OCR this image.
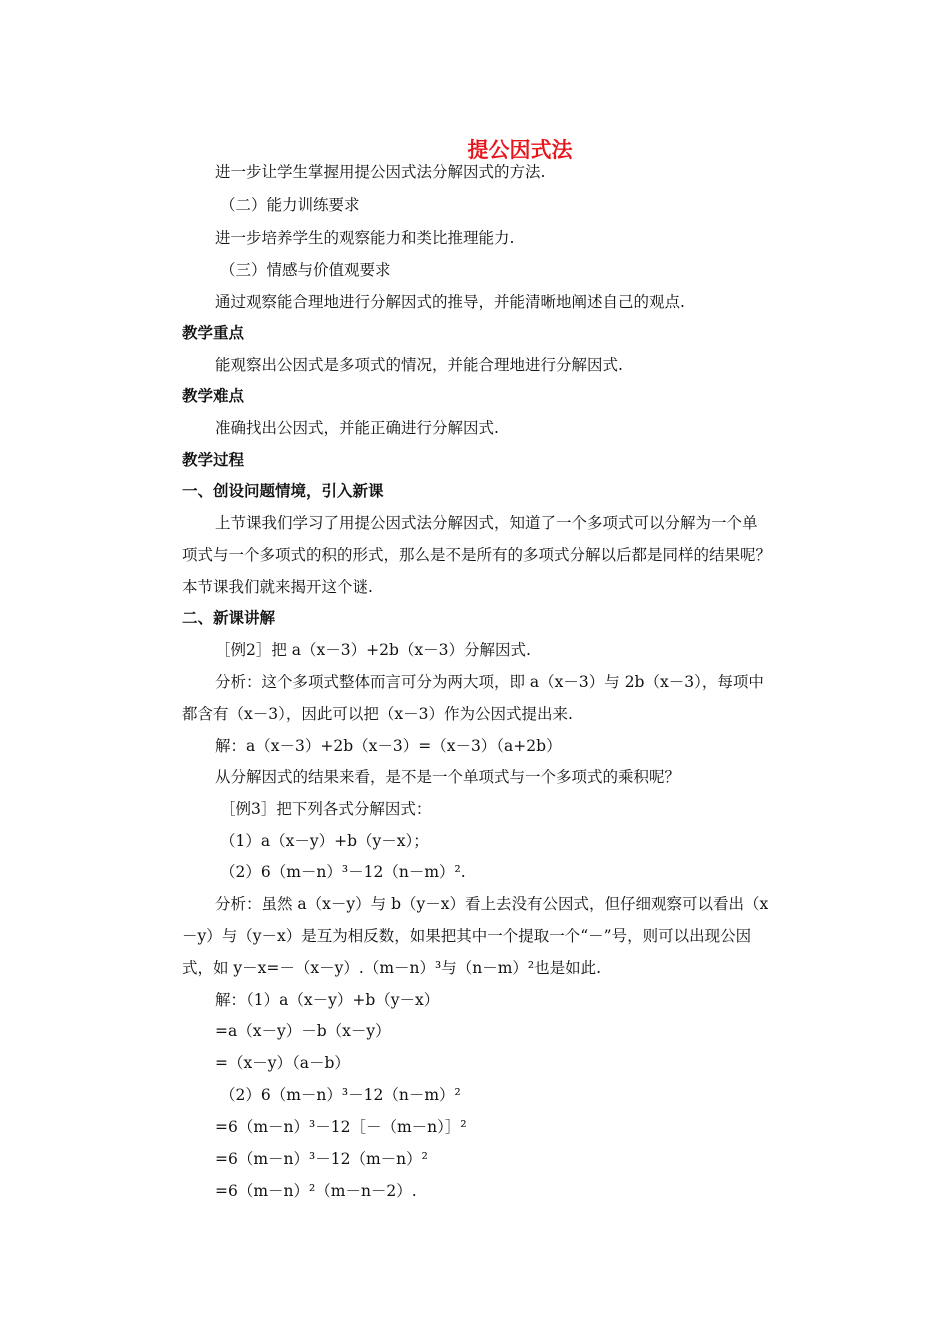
提公因式法
进一步让学生掌握用提公因式法分解因式的方法.
（二）能力训练要求
进一步培养学生的观察能力和类比推理能力.
（三）情感与价值观要求
通过观察能合理地进行分解因式的推导，并能清晰地阐述自己的观点.
教学重点
能观察出公因式是多项式的情况，并能合理地进行分解因式.
教学难点
准确找出公因式，并能正确进行分解因式.
教学过程
一、创设问题情境，引入新课
上节课我们学习了用提公因式法分解因式，知道了一个多项式可以分解为一个单
项式与一个多项式的积的形式，那么是不是所有的多项式分解以后都是同样的结果呢？
本节课我们就来揭开这个谜.
二、新课讲解
［例2］把 a（x－3）+2b（x－3）分解因式.
分析：这个多项式整体而言可分为两大项，即 a（x－3）与 2b（x－3），每项中
都含有（x－3），因此可以把（x－3）作为公因式提出来.
解：a（x－3）+2b（x－3）=（x－3）（a+2b）
从分解因式的结果来看，是不是一个单项式与一个多项式的乘积呢？
［例3］把下列各式分解因式：
（1）a（x－y）+b（y－x）；
（2）6（m－n）³－12（n－m）².
分析：虽然 a（x－y）与 b（y－x）看上去没有公因式，但仔细观察可以看出（x
－y）与（y－x）是互为相反数，如果把其中一个提取一个“－”号，则可以出现公因
式，如 y－x=－（x－y）.（m－n）³与（n－m）²也是如此.
解：（1）a（x－y）+b（y－x）
=a（x－y）－b（x－y）
=（x－y）（a－b）
（2）6（m－n）³－12（n－m）²
=6（m－n）³－12［－（m－n）］²
=6（m－n）³－12（m－n）²
=6（m－n）²（m－n－2）.
